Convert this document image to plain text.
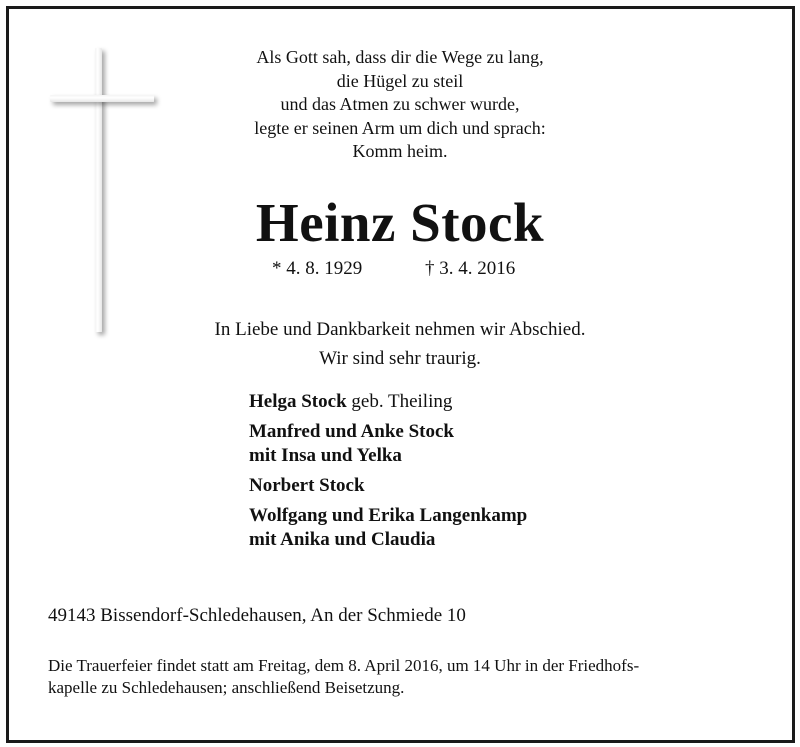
Als Gott sah, dass dir die Wege zu lang,
die Hügel zu steil
und das Atmen zu schwer wurde,
legte er seinen Arm um dich und sprach:
Komm heim.
Heinz Stock
* 4. 8. 1929	† 3. 4. 2016
In Liebe und Dankbarkeit nehmen wir Abschied.
Wir sind sehr traurig.
Helga Stock geb. Theiling
Manfred und Anke Stock
mit Insa und Yelka
Norbert Stock
Wolfgang und Erika Langenkamp
mit Anika und Claudia
49143 Bissendorf-Schledehausen, An der Schmiede 10
Die Trauerfeier findet statt am Freitag, dem 8. April 2016, um 14 Uhr in der Friedhofs-
kapelle zu Schledehausen; anschließend Beisetzung.
